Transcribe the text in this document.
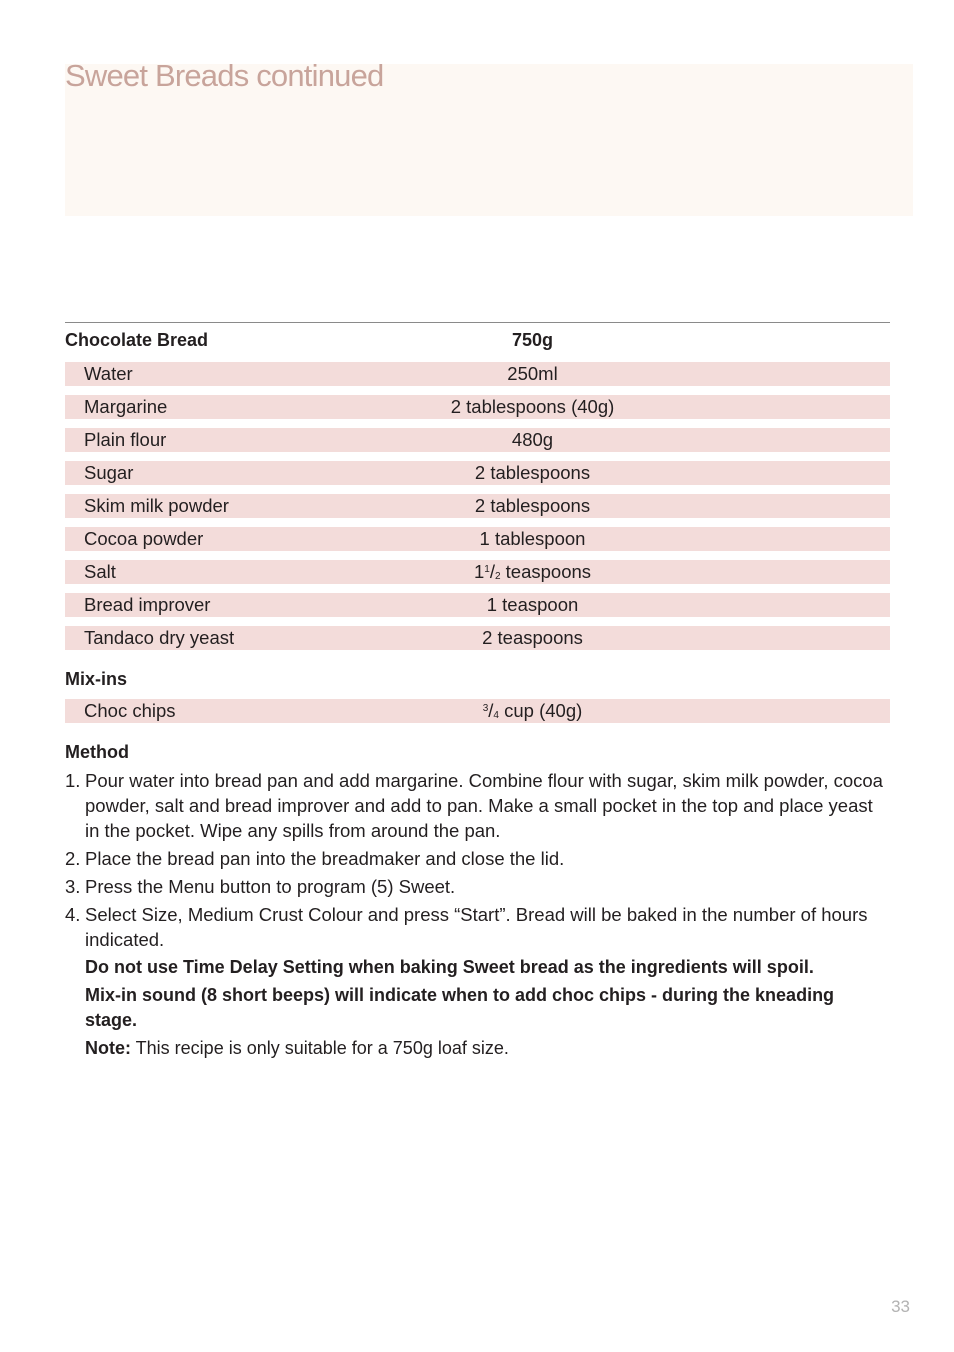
Sweet Breads continued
Chocolate Bread	750g
Water	250ml
Margarine	2 tablespoons (40g)
Plain flour	480g
Sugar	2 tablespoons
Skim milk powder	2 tablespoons
Cocoa powder	1 tablespoon
Salt	$1^1/2$ teaspoons
Bread improver	1 teaspoon
Tandaco dry yeast	2 teaspoons
Mix-ins
Choc chips	$^3$/4 cup (40g)
Method
1. Pour water into bread pan and add margarine. Combine flour with sugar, skim milk powder, cocoa powder, salt and bread improver and add to pan. Make a small pocket in the top and place yeast in the pocket. Wipe any spills from around the pan.
2. Place the bread pan into the breadmaker and close the lid.
3. Press the Menu button to program (5) Sweet.
4. Select Size, Medium Crust Colour and press “Start”. Bread will be baked in the number of hours indicated.
Do not use Time Delay Setting when baking Sweet bread as the ingredients will spoil.
Mix-in sound (8 short beeps) will indicate when to add choc chips - during the kneading stage.
Note: This recipe is only suitable for a 750g loaf size.
33
